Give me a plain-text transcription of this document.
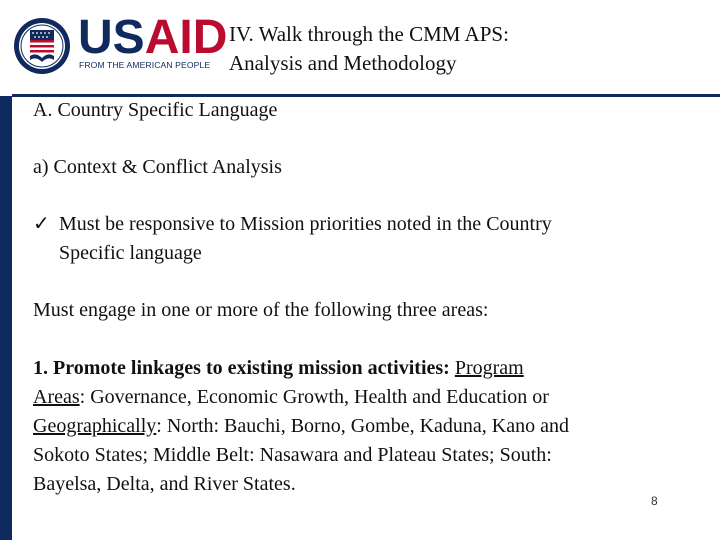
USAID
FROM THE AMERICAN PEOPLE
IV. Walk through the CMM APS:
Analysis and Methodology
A. Country Specific Language
a) Context & Conflict Analysis
✓ Must be responsive to Mission priorities noted in the Country
Specific language
Must engage in one or more of the following three areas:
1. Promote linkages to existing mission activities: Program
Areas: Governance, Economic Growth, Health and Education or
Geographically: North: Bauchi, Borno, Gombe, Kaduna, Kano and
Sokoto States; Middle Belt: Nasawara and Plateau States; South:
Bayelsa, Delta, and River States.
8
